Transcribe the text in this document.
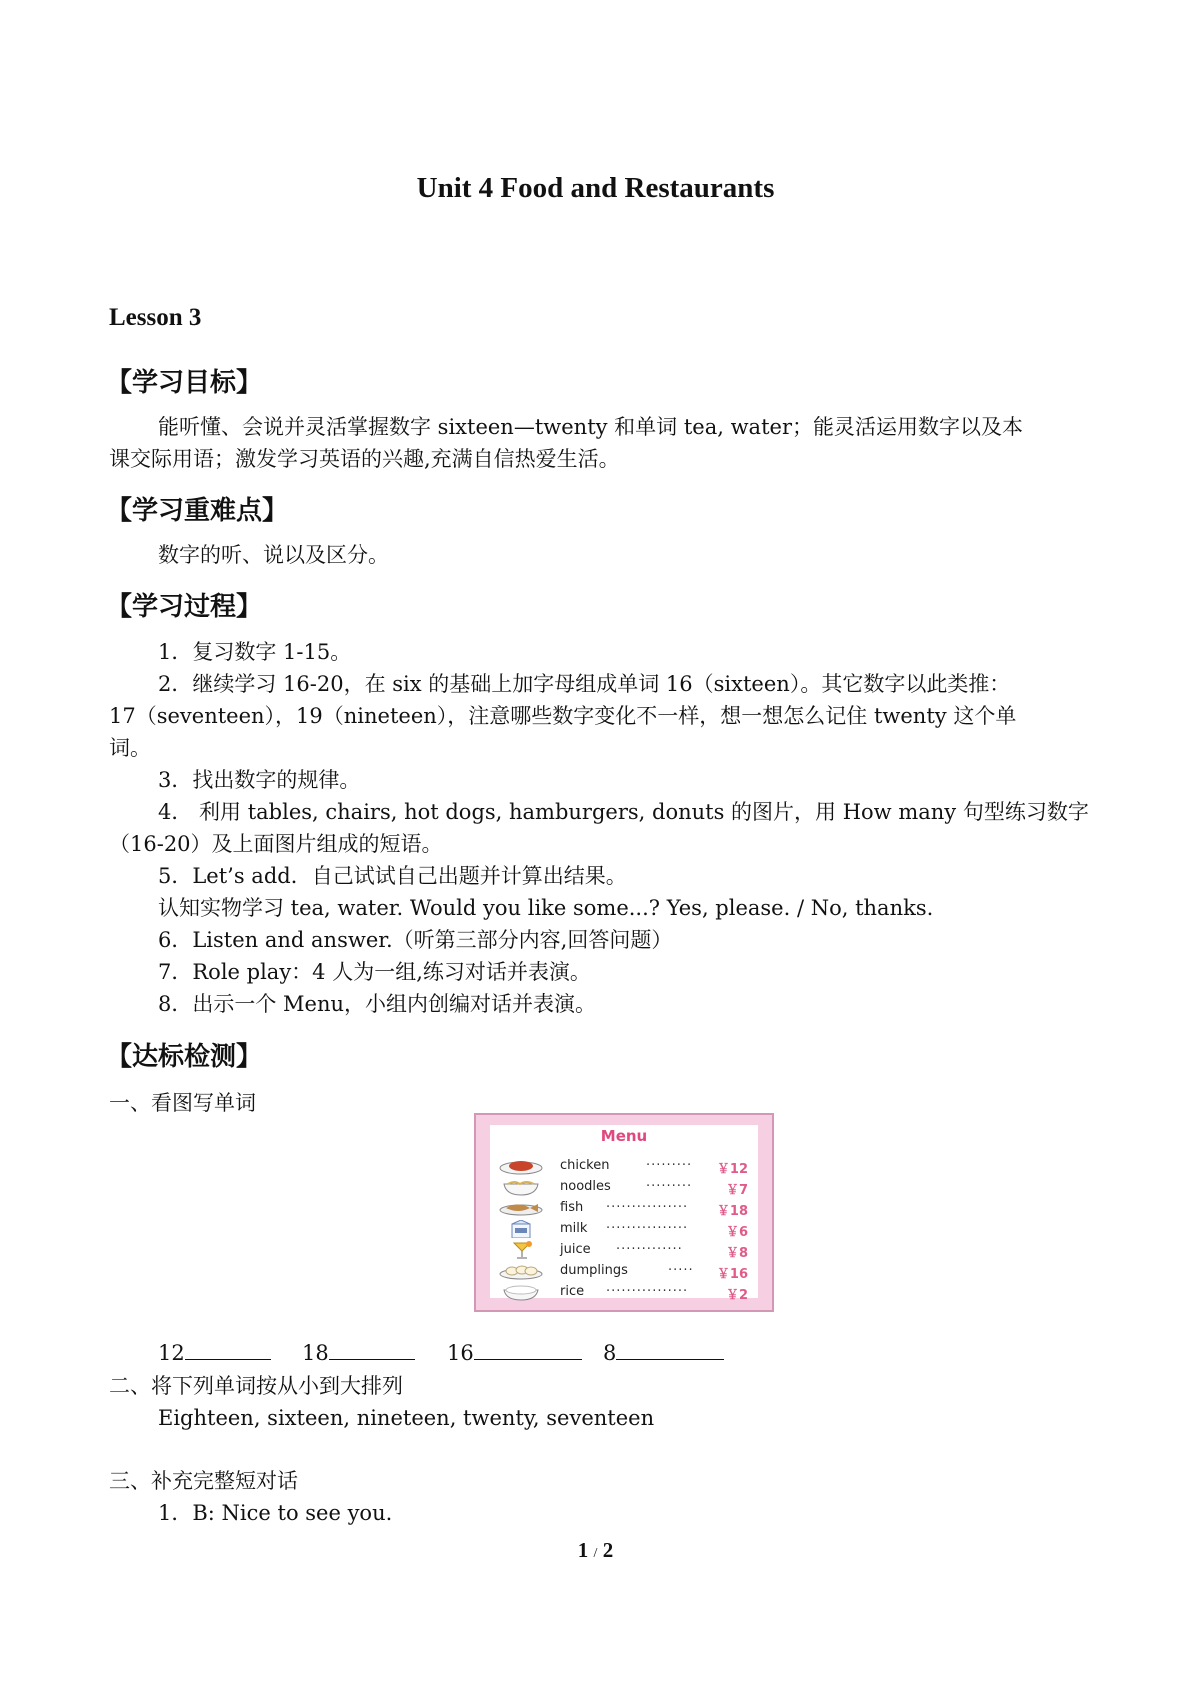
Unit 4 Food and Restaurants
Lesson 3
【学习目标】
能听懂、会说并灵活掌握数字 sixteen—twenty 和单词 tea, water；能灵活运用数字以及本
课交际用语；激发学习英语的兴趣,充满自信热爱生活。
【学习重难点】
数字的听、说以及区分。
【学习过程】
1．复习数字 1-15。
2．继续学习 16-20，在 six 的基础上加字母组成单词 16（sixteen）。其它数字以此类推：
17（seventeen），19（nineteen），注意哪些数字变化不一样，想一想怎么记住 twenty 这个单
词。
3．找出数字的规律。
4． 利用 tables, chairs, hot dogs, hamburgers, donuts 的图片，用 How many 句型练习数字
（16-20）及上面图片组成的短语。
5．Let’s add．自己试试自己出题并计算出结果。
认知实物学习 tea, water. Would you like some...? Yes, please. / No, thanks.
6．Listen and answer.（听第三部分内容,回答问题）
7．Role play：4 人为一组,练习对话并表演。
8．出示一个 Menu，小组内创编对话并表演。
【达标检测】
一、看图写单词
Menu
chicken	········· ￥12
noodles	·········	￥7
fish ················ ￥18
milk ················	￥6
juice ·············	￥8
dumplings	····· ￥16
rice ················	￥2
12	18	16	8
二、将下列单词按从小到大排列
Eighteen, sixteen, nineteen, twenty, seventeen
三、补充完整短对话
1．B: Nice to see you.
1 / 2
